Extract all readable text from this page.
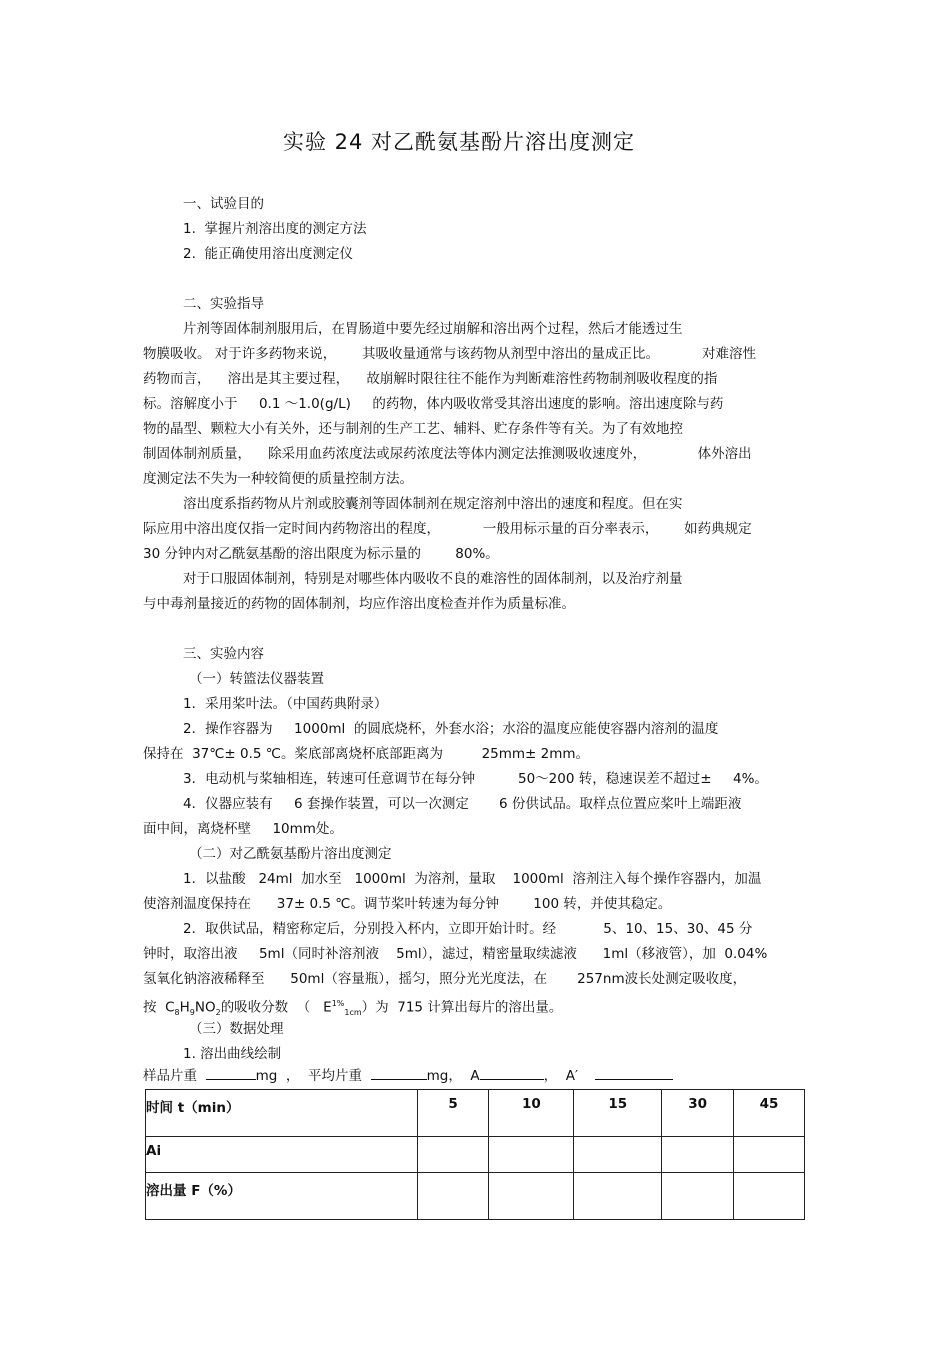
实验 24 对乙酰氨基酚片溶出度测定
一、试验目的
1.  掌握片剂溶出度的测定方法
2.  能正确使用溶出度测定仪
二、实验指导
片剂等固体制剂服用后，在胃肠道中要先经过崩解和溶出两个过程，然后才能透过生
物膜吸收。 对于许多药物来说，      其吸收量通常与该药物从剂型中溶出的量成正比。          对难溶性
药物而言，    溶出是其主要过程，    故崩解时限往往不能作为判断难溶性药物制剂吸收程度的指
标。溶解度小于     0.1 ～1.0(g/L)     的药物，体内吸收常受其溶出速度的影响。溶出速度除与药
物的晶型、颗粒大小有关外，还与制剂的生产工艺、辅料、贮存条件等有关。为了有效地控
制固体制剂质量，    除采用血药浓度法或尿药浓度法等体内测定法推测吸收速度外，            体外溶出
度测定法不失为一种较简便的质量控制方法。
溶出度系指药物从片剂或胶囊剂等固体制剂在规定溶剂中溶出的速度和程度。但在实
际应用中溶出度仅指一定时间内药物溶出的程度，          一般用标示量的百分率表示，      如药典规定
30 分钟内对乙酰氨基酚的溶出限度为标示量的        80%。
对于口服固体制剂，特别是对哪些体内吸收不良的难溶性的固体制剂，以及治疗剂量
与中毒剂量接近的药物的固体制剂，均应作溶出度检查并作为质量标准。
三、实验内容
（一）转篮法仪器装置
1．采用桨叶法。（中国药典附录）
2．操作容器为     1000ml  的圆底烧杯，外套水浴；水浴的温度应能使容器内溶剂的温度
保持在  37℃± 0.5 ℃。桨底部离烧杯底部距离为         25mm± 2mm。
3．电动机与桨轴相连，转速可任意调节在每分钟          50～200 转，稳速误差不超过±     4%。
4．仪器应装有     6 套操作装置，可以一次测定       6 份供试品。取样点位置应桨叶上端距液
面中间，离烧杯壁     10mm处。
（二）对乙酰氨基酚片溶出度测定
1．以盐酸   24ml  加水至   1000ml  为溶剂，量取    1000ml  溶剂注入每个操作容器内，加温
使溶剂温度保持在      37± 0.5 ℃。调节桨叶转速为每分钟        100 转，并使其稳定。
2．取供试品，精密称定后，分别投入杯内，立即开始计时。经           5、10、15、30、45 分
钟时，取溶出液     5ml（同时补溶剂液    5ml），滤过，精密量取续滤液      1ml（移液管），加  0.04%
氢氧化钠溶液稀释至      50ml（容量瓶），摇匀，照分光光度法，在       257nm波长处测定吸收度，
按  $C_8H_9NO_2$的吸收分数  （   $E^{1\%}_{1cm}$）为  715 计算出每片的溶出量。
（三）数据处理
1. 溶出曲线绘制
样品片重	mg  ， 平均片重	mg，  A	，  A′
时间 t（min）	5	10	15	30	45
Ai					
溶出量 F（%）					
